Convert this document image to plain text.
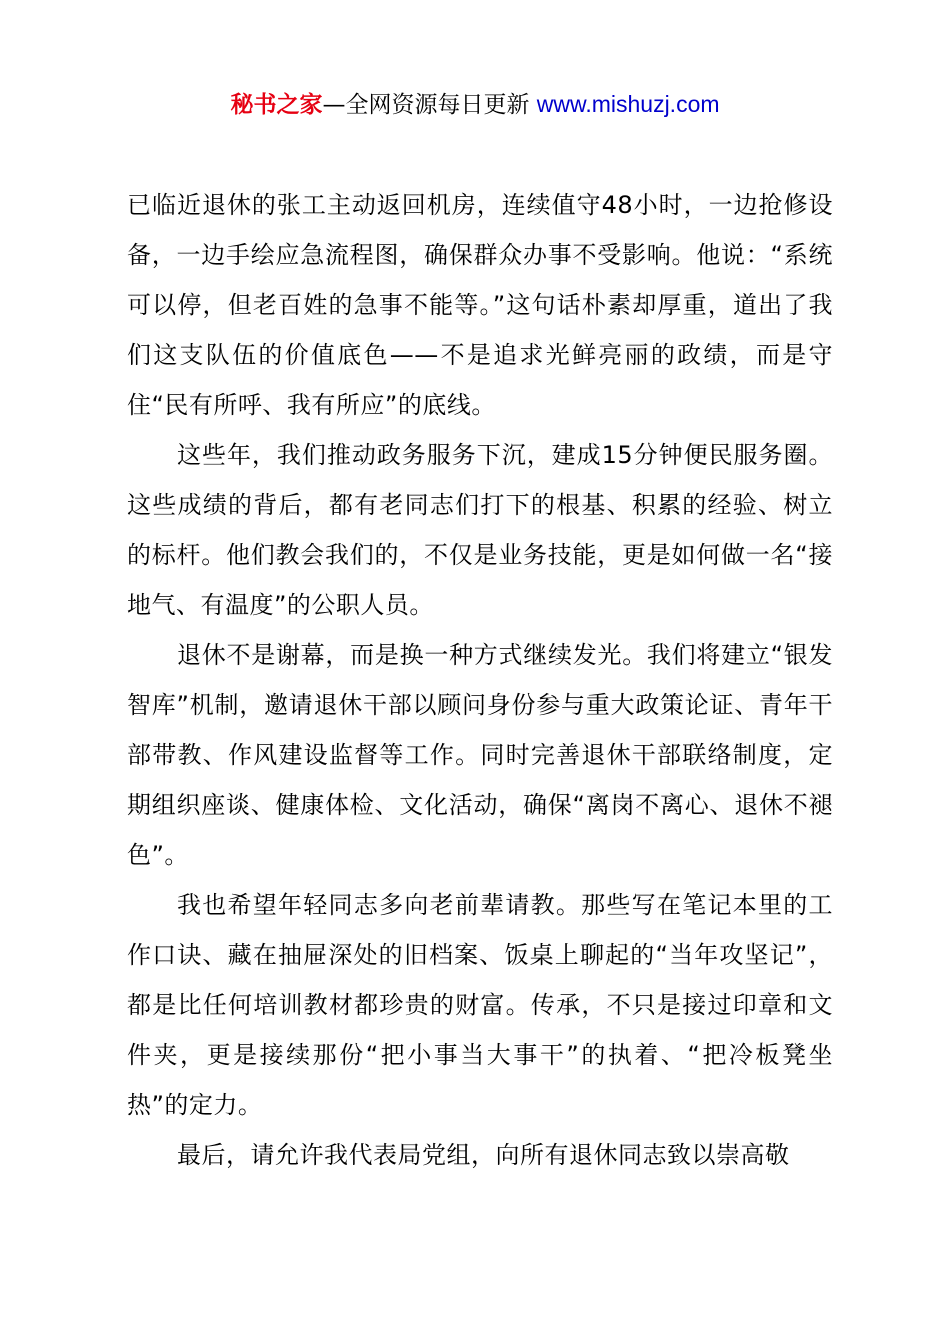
秘书之家—全网资源每日更新 www.mishuzj.com

已临近退休的张工主动返回机房，连续值守48小时，一边抢修设备，一边手绘应急流程图，确保群众办事不受影响。他说：“系统可以停，但老百姓的急事不能等。”这句话朴素却厚重，道出了我们这支队伍的价值底色——不是追求光鲜亮丽的政绩，而是守住“民有所呼、我有所应”的底线。

这些年，我们推动政务服务下沉，建成15分钟便民服务圈。这些成绩的背后，都有老同志们打下的根基、积累的经验、树立的标杆。他们教会我们的，不仅是业务技能，更是如何做一名“接地气、有温度”的公职人员。

退休不是谢幕，而是换一种方式继续发光。我们将建立“银发智库”机制，邀请退休干部以顾问身份参与重大政策论证、青年干部带教、作风建设监督等工作。同时完善退休干部联络制度，定期组织座谈、健康体检、文化活动，确保“离岗不离心、退休不褪色”。

我也希望年轻同志多向老前辈请教。那些写在笔记本里的工作口诀、藏在抽屉深处的旧档案、饭桌上聊起的“当年攻坚记”，都是比任何培训教材都珍贵的财富。传承，不只是接过印章和文件夹，更是接续那份“把小事当大事干”的执着、“把冷板凳坐热”的定力。

最后，请允许我代表局党组，向所有退休同志致以崇高敬
